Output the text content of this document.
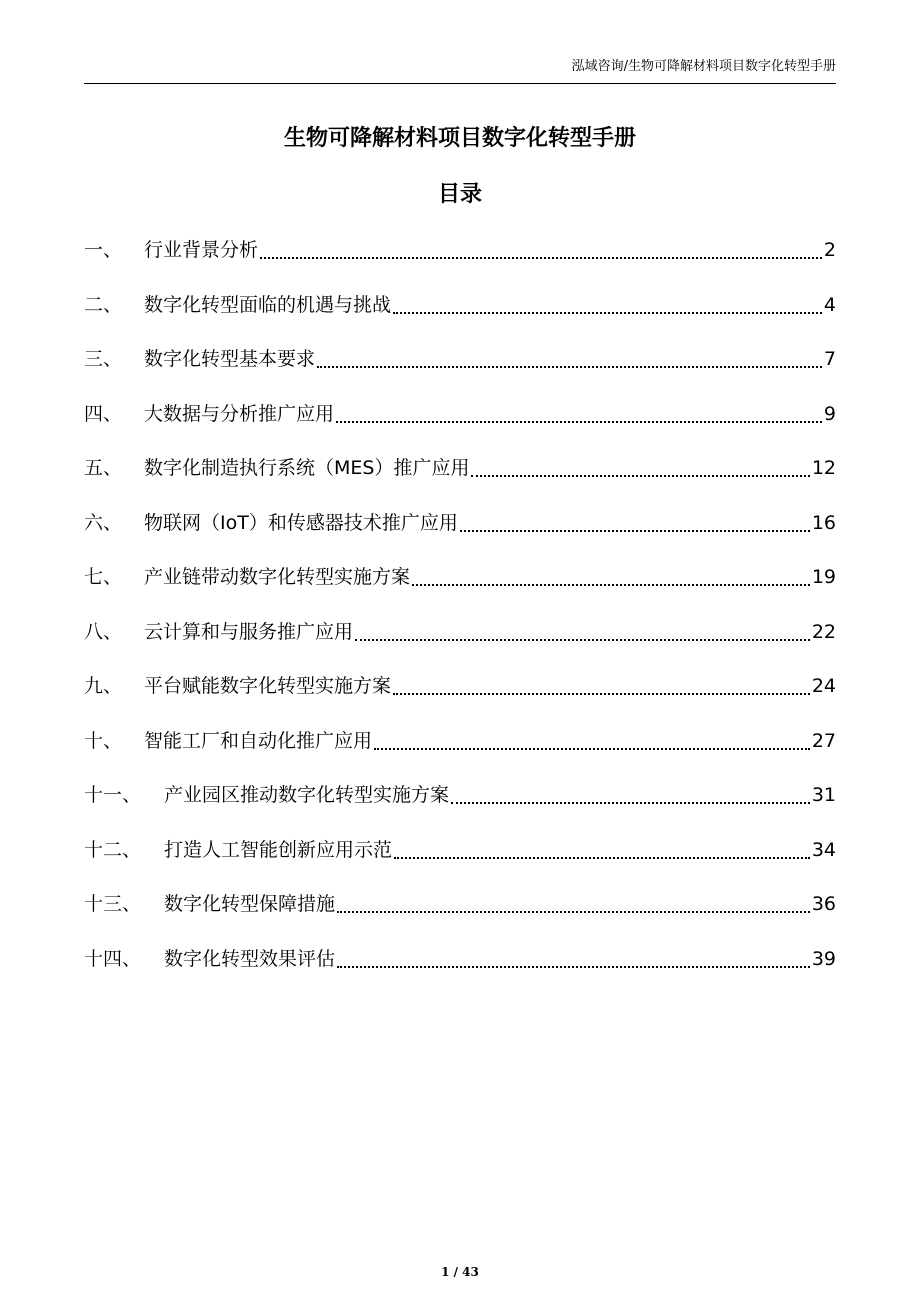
泓域咨询/生物可降解材料项目数字化转型手册
生物可降解材料项目数字化转型手册
目录
一、	行业背景分析	2
二、	数字化转型面临的机遇与挑战	4
三、	数字化转型基本要求	7
四、	大数据与分析推广应用	9
五、	数字化制造执行系统（MES）推广应用	12
六、	物联网（IoT）和传感器技术推广应用	16
七、	产业链带动数字化转型实施方案	19
八、	云计算和与服务推广应用	22
九、	平台赋能数字化转型实施方案	24
十、	智能工厂和自动化推广应用	27
十一、	产业园区推动数字化转型实施方案	31
十二、	打造人工智能创新应用示范	34
十三、	数字化转型保障措施	36
十四、	数字化转型效果评估	39
1 / 43
